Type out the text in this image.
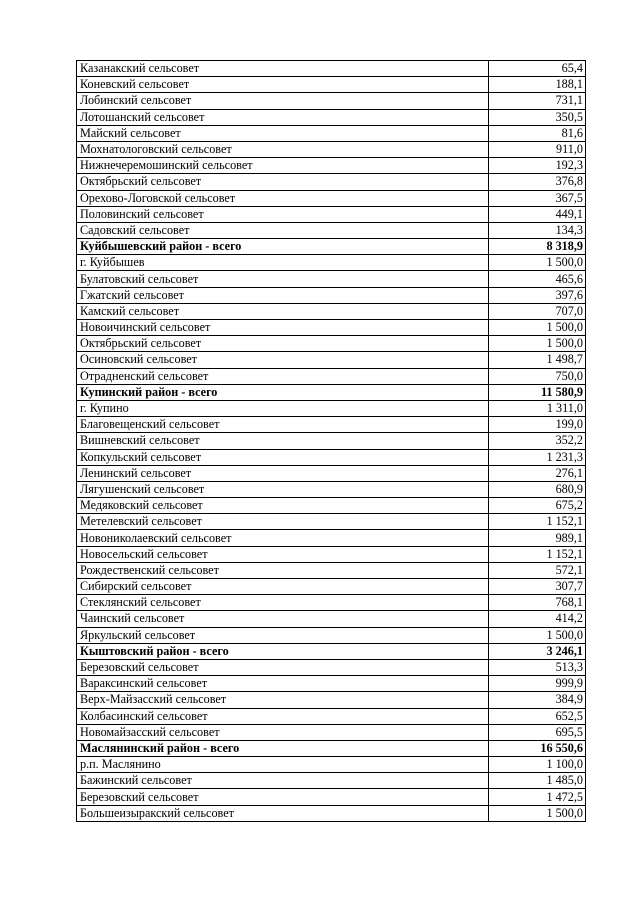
Казанакский сельсовет	65,4
Коневский сельсовет	188,1
Лобинский сельсовет	731,1
Лотошанский сельсовет	350,5
Майский сельсовет	81,6
Мохнатологовский сельсовет	911,0
Нижнечеремошинский сельсовет	192,3
Октябрьский сельсовет	376,8
Орехово-Логовской сельсовет	367,5
Половинский сельсовет	449,1
Садовский сельсовет	134,3
Куйбышевский район - всего	8 318,9
г. Куйбышев	1 500,0
Булатовский сельсовет	465,6
Гжатский сельсовет	397,6
Камский сельсовет	707,0
Новоичинский сельсовет	1 500,0
Октябрьский сельсовет	1 500,0
Осиновский сельсовет	1 498,7
Отрадненский сельсовет	750,0
Купинский район - всего	11 580,9
г. Купино	1 311,0
Благовещенский сельсовет	199,0
Вишневский сельсовет	352,2
Копкульский сельсовет	1 231,3
Ленинский сельсовет	276,1
Лягушенский сельсовет	680,9
Медяковский сельсовет	675,2
Метелевский сельсовет	1 152,1
Новониколаевский сельсовет	989,1
Новосельский сельсовет	1 152,1
Рождественский сельсовет	572,1
Сибирский сельсовет	307,7
Стеклянский сельсовет	768,1
Чаинский сельсовет	414,2
Яркульский сельсовет	1 500,0
Кыштовский район - всего	3 246,1
Березовский сельсовет	513,3
Вараксинский сельсовет	999,9
Верх-Майзасский сельсовет	384,9
Колбасинский сельсовет	652,5
Новомайзасский сельсовет	695,5
Маслянинский район - всего	16 550,6
р.п. Маслянино	1 100,0
Бажинский сельсовет	1 485,0
Березовский сельсовет	1 472,5
Большеизыракский сельсовет	1 500,0
